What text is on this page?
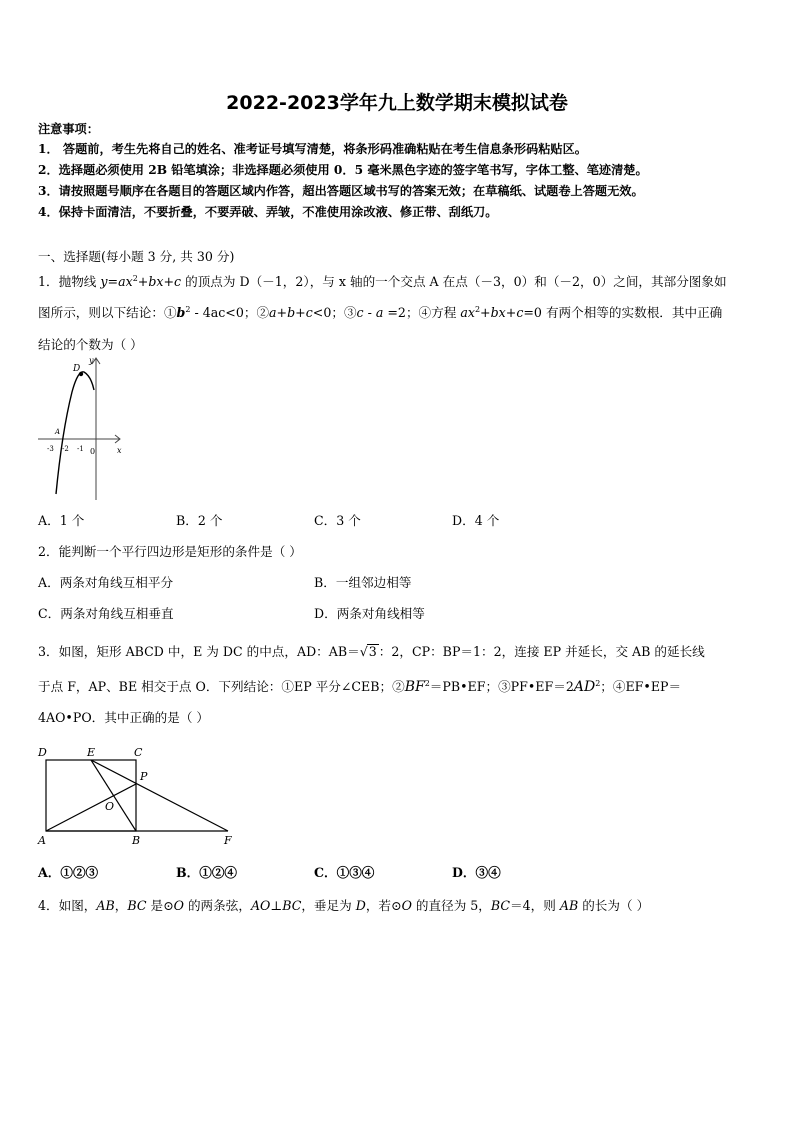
2022-2023学年九上数学期末模拟试卷
注意事项：
1． 答题前，考生先将自己的姓名、准考证号填写清楚，将条形码准确粘贴在考生信息条形码粘贴区。
2．选择题必须使用 2B 铅笔填涂；非选择题必须使用 0．5 毫米黑色字迹的签字笔书写，字体工整、笔迹清楚。
3．请按照题号顺序在各题目的答题区域内作答，超出答题区域书写的答案无效；在草稿纸、试题卷上答题无效。
4．保持卡面清洁，不要折叠，不要弄破、弄皱，不准使用涂改液、修正带、刮纸刀。
一、选择题(每小题 3 分, 共 30 分)
1．抛物线 $y=ax^2+bx+c$ 的顶点为 D（－1，2），与 x 轴的一个交点 A 在点（－3，0）和（－2，0）之间，其部分图象如
图所示，则以下结论：$①b^2 - 4ac<0$；②a+b+c<0；③c - a =2；④方程 $ax^2+bx+c=0$ 有两个相等的实数根．其中正确
结论的个数为（ ）
D
A
-3 -2 -1 0	x
y
A．1 个	B．2 个	C．3 个	D．4 个
2．能判断一个平行四边形是矩形的条件是（ ）
A．两条对角线互相平分	B．一组邻边相等
C．两条对角线互相垂直	D．两条对角线相等
3．如图，矩形 ABCD 中，E 为 DC 的中点，AD：AB＝√3 ：2，CP：BP＝1：2，连接 EP 并延长，交 AB 的延长线
于点 F，AP、BE 相交于点 O．下列结论：①EP 平分∠CEB；$②BF^2=PB•EF$；$③PF•EF=2AD^2$；④EF•EP＝
4AO•PO．其中正确的是（ ）
D	E	C
P
O
A	B	F
A．①②③	B．①②④	C．①③④	D．③④
4．如图，AB，BC 是⊙O 的两条弦，AO⊥BC，垂足为 D，若⊙O 的直径为 5，BC＝4，则 AB 的长为（ ）
